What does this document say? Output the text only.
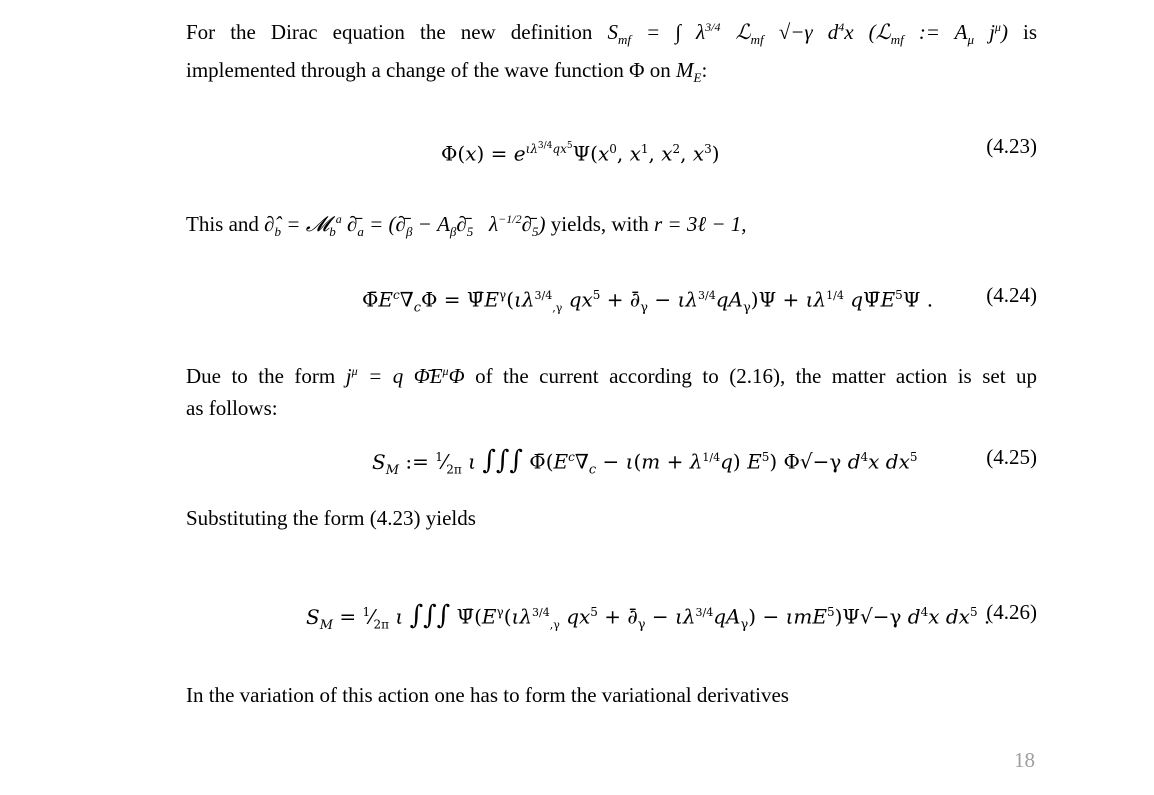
For the Dirac equation the new definition $S_{mf}$ = ∫ $\lambda^{3/4}$ ℒ$_{mf}$ √−γ $d^4x$ (ℒ$_{mf}$ := $A_\mu$ $j^\mu$) is
implemented through a change of the wave function Φ on $M_E$:
$\Phi(x) = e^{\iota\lambda^{3/4}qx^5}\Psi(x^0$, $x^1$, $x^2$, $x^3$)	(4.23)
This and $\partial̂_b$ = 𝓜$_b^a$ $\partial̄_a$ = ($\partial̄_\beta$ − $A_\beta\partial̄_5$   $\lambda^{-1/2}\partial̄_5$) yields, with r = 3ℓ − 1,
$\PhīE^c\nabla_c\Phi$ = $\PsīE^\gamma(\iota\lambda^{3/4}_{,\gamma}$ $qx^5$ + $\partial̄_\gamma - \iota\lambda^{3/4}qA_\gamma)\Psi + \iota\lambda^{1/4}$ $q\PsīE^5\Psi$ .	(4.24)
Due to the form $j^\mu = q$ $\PhīE^\mu\Phi$ of the current according to (2.16), the matter action is set up
as follows:
$S_M$ := $^1⁄_{2\pi}$ ι ∫∫∫ $\Phī(E^c\nabla_c - \iota(m + \lambda^{1/4}q)$ $E^5$) Φ√−γ $d^4x$ $dx^5$	(4.25)
Substituting the form (4.23) yields
$S_M$ = $^1⁄_{2\pi}$ ι ∫∫∫ $\Psī(E^\gamma(\iota\lambda^{3/4}_{,\gamma}$ $qx^5$ + $\partial̄_\gamma - \iota\lambda^{3/4}qA_\gamma) - \iota mE^5)\Psi√-\gamma$ $d^4x$ $dx^5$ .
(4.26)
In the variation of this action one has to form the variational derivatives
18
